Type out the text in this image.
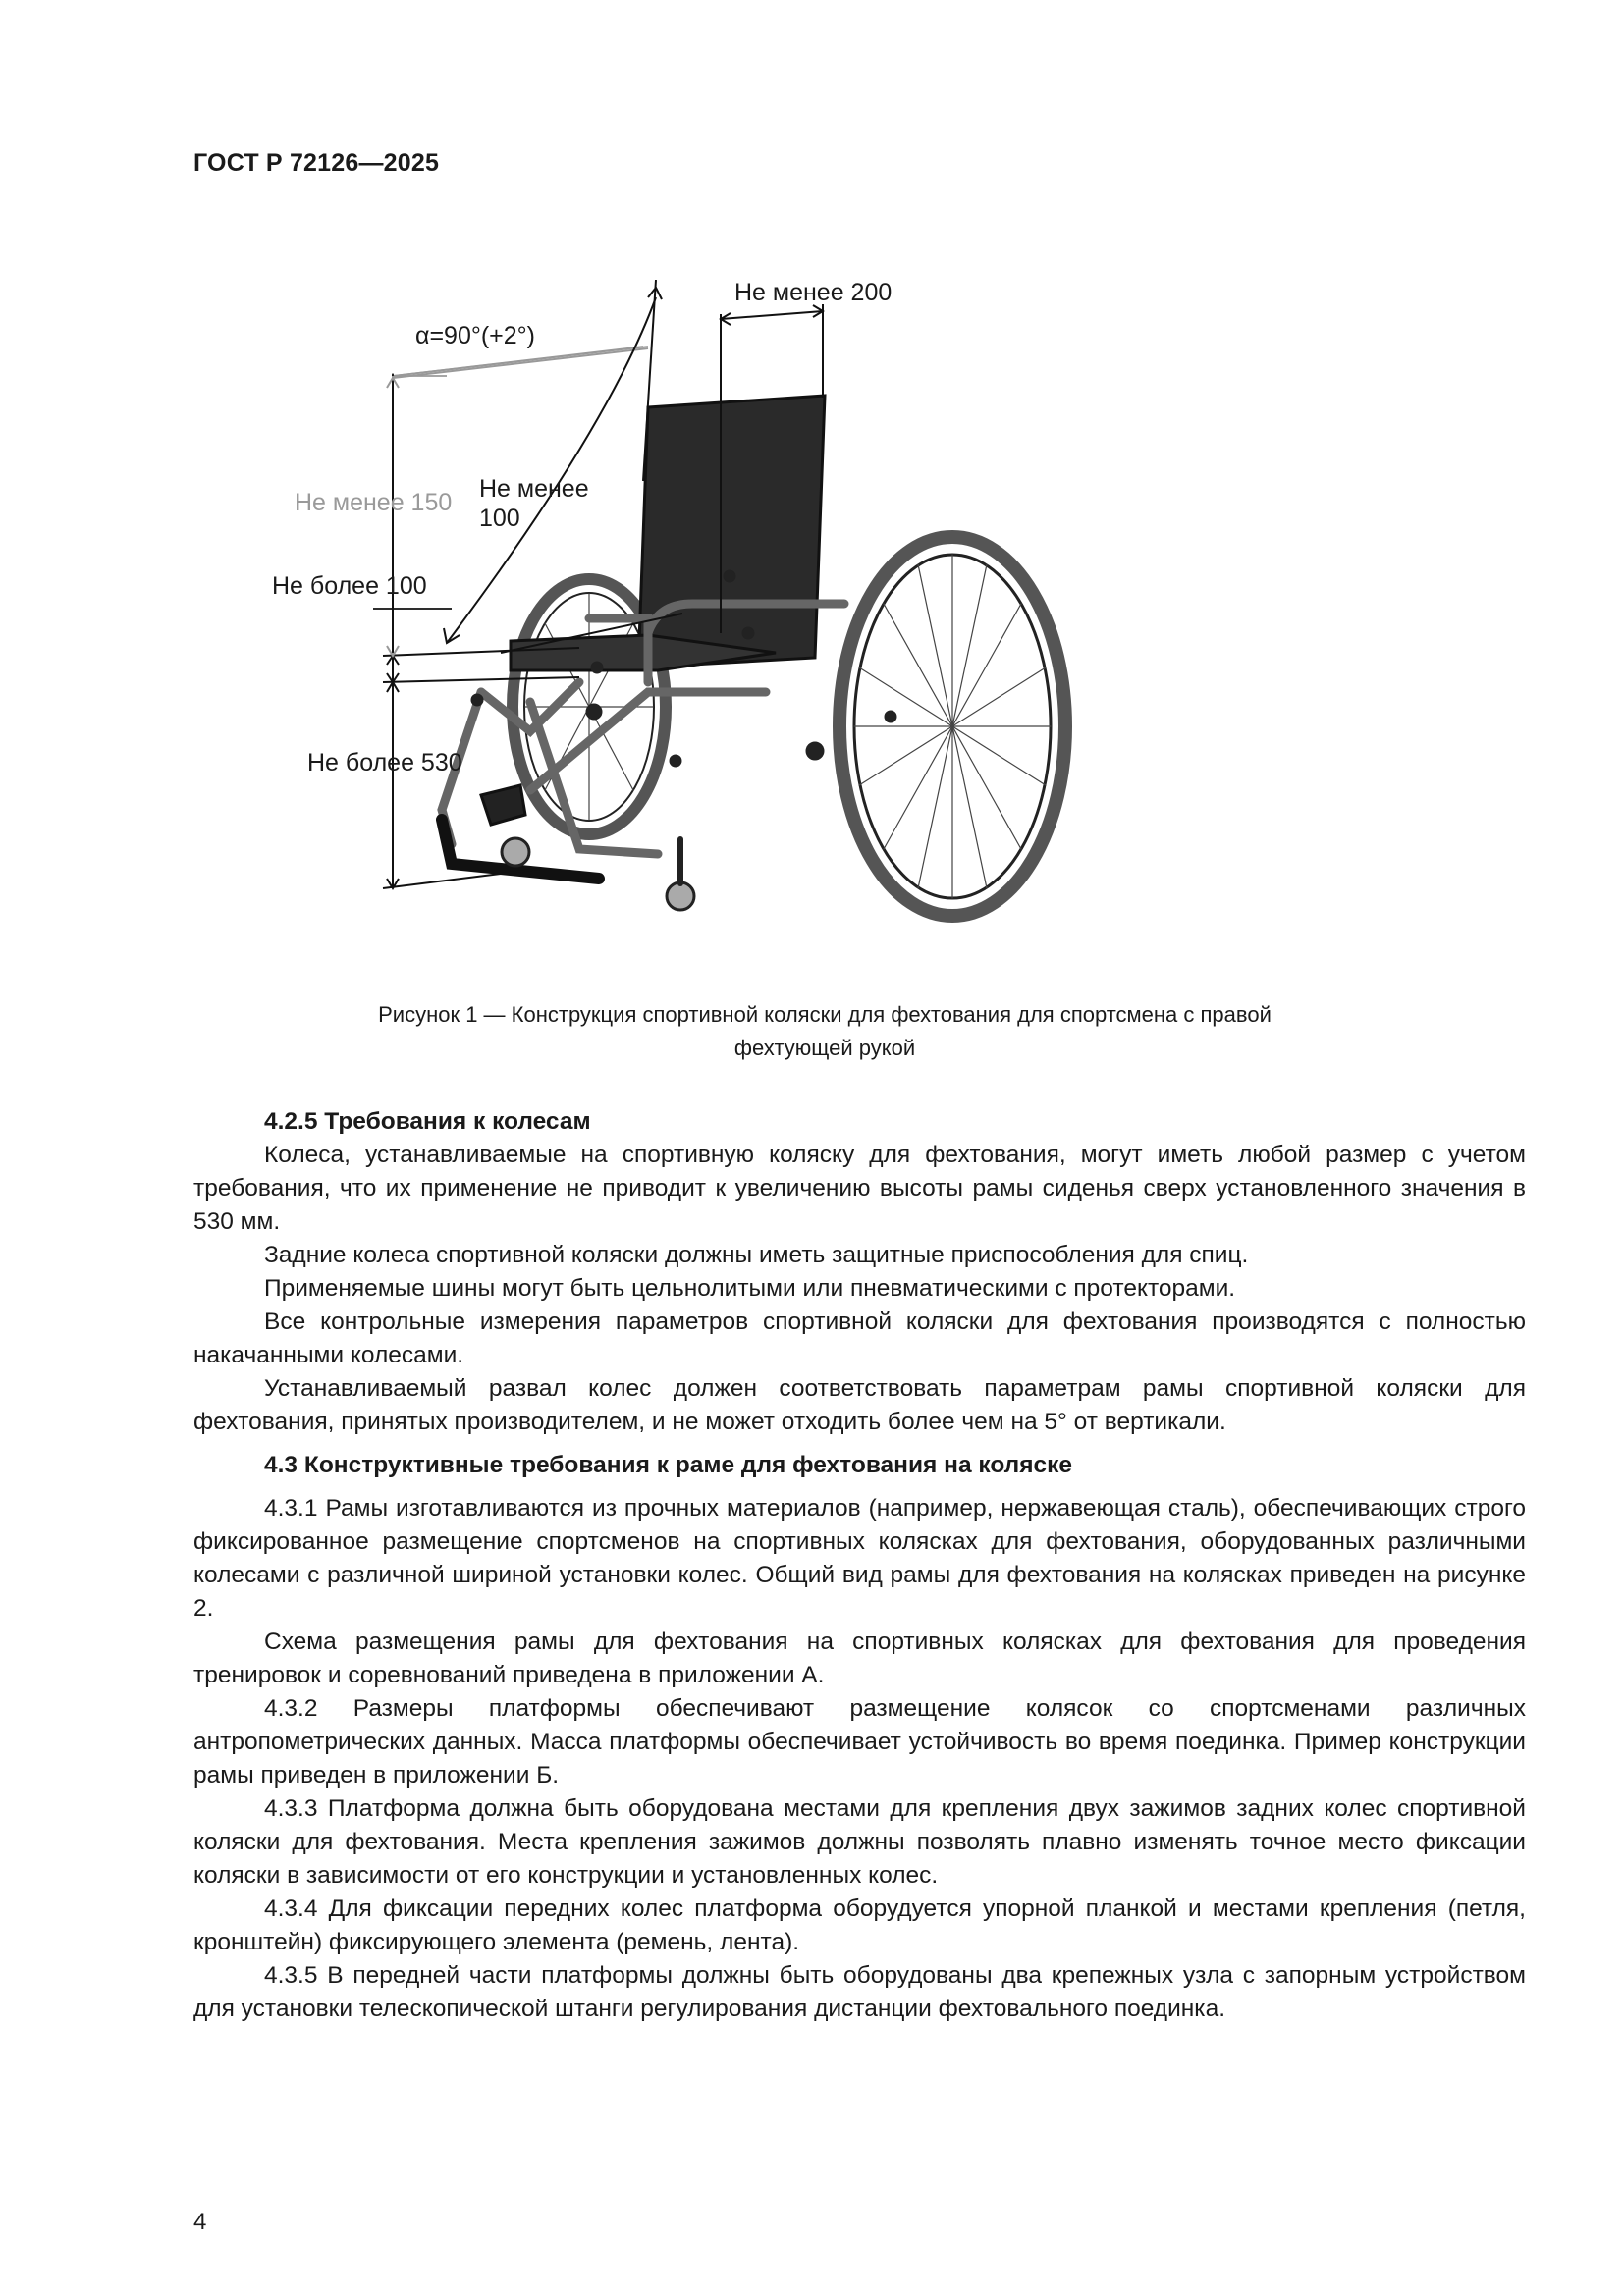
ГОСТ Р 72126—2025
Не менее 200
α=90°(+2°)
Не менее 150 Не менее
100
Не более 100
Не более 530
Рисунок 1 — Конструкция спортивной коляски для фехтования для спортсмена с правой
фехтующей рукой

4.2.5 Требования к колесам

Колеса, устанавливаемые на спортивную коляску для фехтования, могут иметь любой размер с учетом требования, что их применение не приводит к увеличению высоты рамы сиденья сверх установленного значения в 530 мм.

Задние колеса спортивной коляски должны иметь защитные приспособления для спиц.

Применяемые шины могут быть цельнолитыми или пневматическими с протекторами.

Все контрольные измерения параметров спортивной коляски для фехтования производятся с полностью накачанными колесами.

Устанавливаемый развал колес должен соответствовать параметрам рамы спортивной коляски для фехтования, принятых производителем, и не может отходить более чем на 5° от вертикали.

4.3 Конструктивные требования к раме для фехтования на коляске

4.3.1 Рамы изготавливаются из прочных материалов (например, нержавеющая сталь), обеспечивающих строго фиксированное размещение спортсменов на спортивных колясках для фехтования, оборудованных различными колесами с различной шириной установки колес. Общий вид рамы для фехтования на колясках приведен на рисунке 2.

Схема размещения рамы для фехтования на спортивных колясках для фехтования для проведения тренировок и соревнований приведена в приложении А.

4.3.2 Размеры платформы обеспечивают размещение колясок со спортсменами различных антропометрических данных. Масса платформы обеспечивает устойчивость во время поединка. Пример конструкции рамы приведен в приложении Б.

4.3.3 Платформа должна быть оборудована местами для крепления двух зажимов задних колес спортивной коляски для фехтования. Места крепления зажимов должны позволять плавно изменять точное место фиксации коляски в зависимости от его конструкции и установленных колес.

4.3.4 Для фиксации передних колес платформа оборудуется упорной планкой и местами крепления (петля, кронштейн) фиксирующего элемента (ремень, лента).

4.3.5 В передней части платформы должны быть оборудованы два крепежных узла с запорным устройством для установки телескопической штанги регулирования дистанции фехтовального поединка.

4
